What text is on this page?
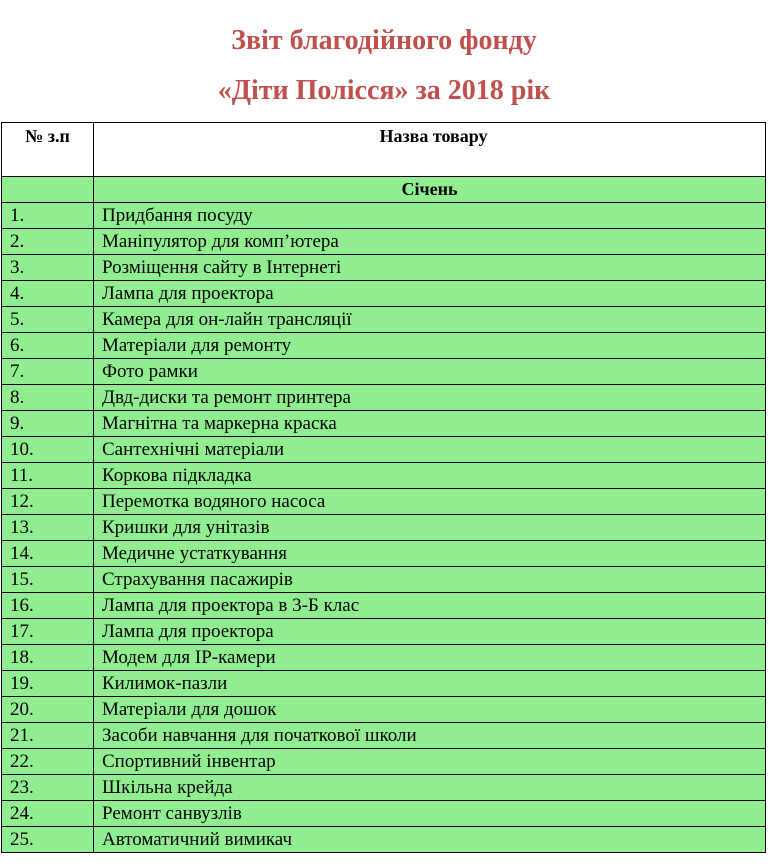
Звіт благодійного фонду
«Діти Полісся» за 2018 рік
№ з.п	Назва товару
	Січень
1.	Придбання посуду
2.	Маніпулятор для комп’ютера
3.	Розміщення сайту в Інтернеті
4.	Лампа для проектора
5.	Камера для он-лайн трансляції
6.	Матеріали для ремонту
7.	Фото рамки
8.	Двд-диски та ремонт принтера
9.	Магнітна та маркерна краска
10.	Сантехнічні матеріали
11.	Коркова підкладка
12.	Перемотка водяного насоса
13.	Кришки для унітазів
14.	Медичне устаткування
15.	Страхування пасажирів
16.	Лампа для проектора в 3-Б клас
17.	Лампа для проектора
18.	Модем для IP-камери
19.	Килимок-пазли
20.	Матеріали для дошок
21.	Засоби навчання для початкової школи
22.	Спортивний інвентар
23.	Шкільна крейда
24.	Ремонт санвузлів
25.	Автоматичний вимикач
